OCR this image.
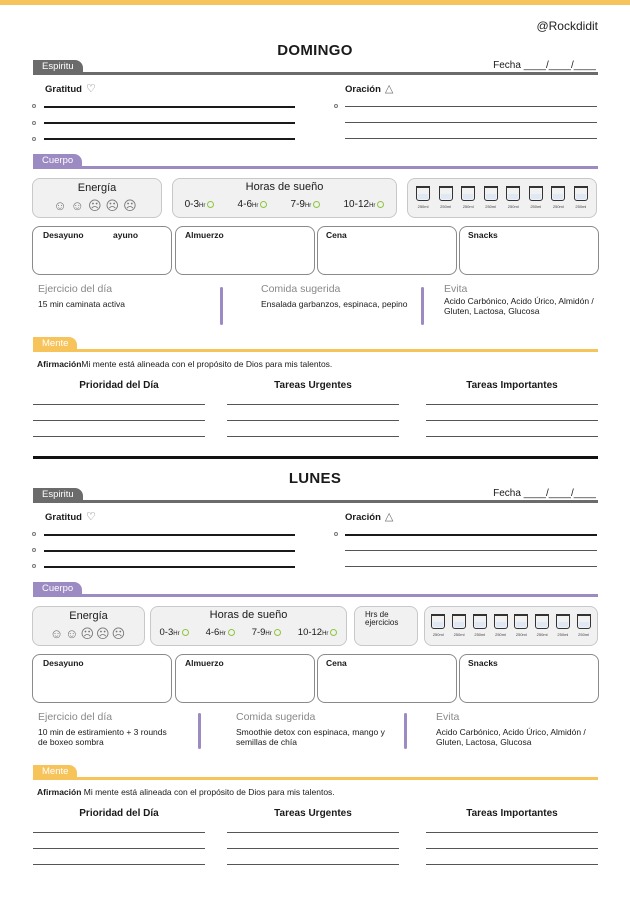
@Rockdidit
DOMINGO
Espiritu	Fecha ____/____/____
Gratitud ♡	Oración △
Cuerpo
Energía
☺☺☹☹☹
Horas de sueño
0-3Hr	4-6Hr	7-9Hr	10-12Hr	250ml	250ml	250ml	250ml	250ml	250ml	250ml	250ml
Desayuno	ayuno	Almuerzo	Cena	Snacks
Ejercicio del día
15 min caminata activa
Comida sugerida
Ensalada garbanzos, espinaca, pepino
Evita
Acido Carbónico, Acido Úrico, Almidón / Gluten, Lactosa, Glucosa
Mente
AfirmaciónMi mente está alineada con el propósito de Dios para mis talentos.
Prioridad del Día	Tareas Urgentes	Tareas Importantes
LUNES
Espiritu	Fecha ____/____/____
Gratitud ♡	Oración △
Cuerpo
Energía
☺☺☹☹☹
Horas de sueño
0-3Hr	4-6Hr	7-9Hr	10-12Hr
Hrs de ejercicios
250ml 250ml 250ml 250ml 250ml 250ml 250ml 250ml
Desayuno	Almuerzo	Cena	Snacks
Ejercicio del día
10 min de estiramiento + 3 rounds de boxeo sombra
Comida sugerida
Smoothie detox con espinaca, mango y semillas de chía
Evita
Acido Carbónico, Acido Úrico, Almidón / Gluten, Lactosa, Glucosa
Mente
Afirmación Mi mente está alineada con el propósito de Dios para mis talentos.
Prioridad del Día	Tareas Urgentes	Tareas Importantes
